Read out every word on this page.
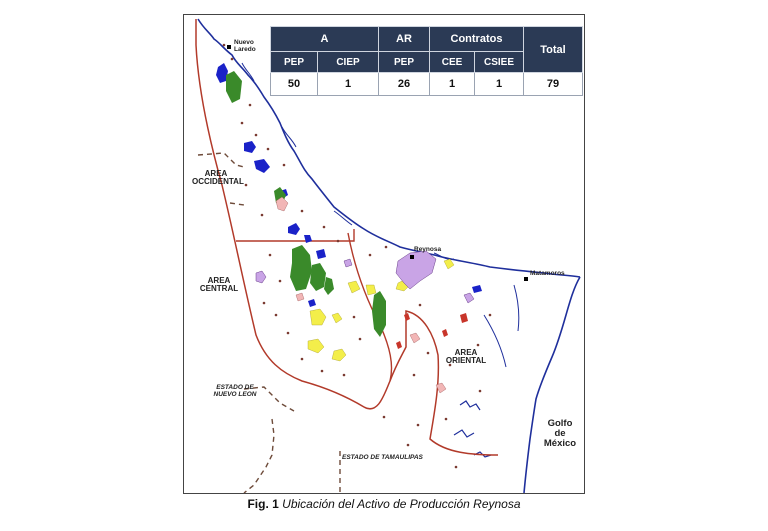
Nuevo
Laredo
Reynosa
Matamoros
AREA
OCCIDENTAL
AREA
CENTRAL
AREA
ORIENTAL
ESTADO DE
NUEVO LEON
ESTADO DE TAMAULIPAS
Golfo
de
México
A		AR	Contratos		Total
PEP	CIEP	PEP	CEE	CSIEE	
50	1	26	1	1	79
Fig. 1 Ubicación del Activo de Producción Reynosa
